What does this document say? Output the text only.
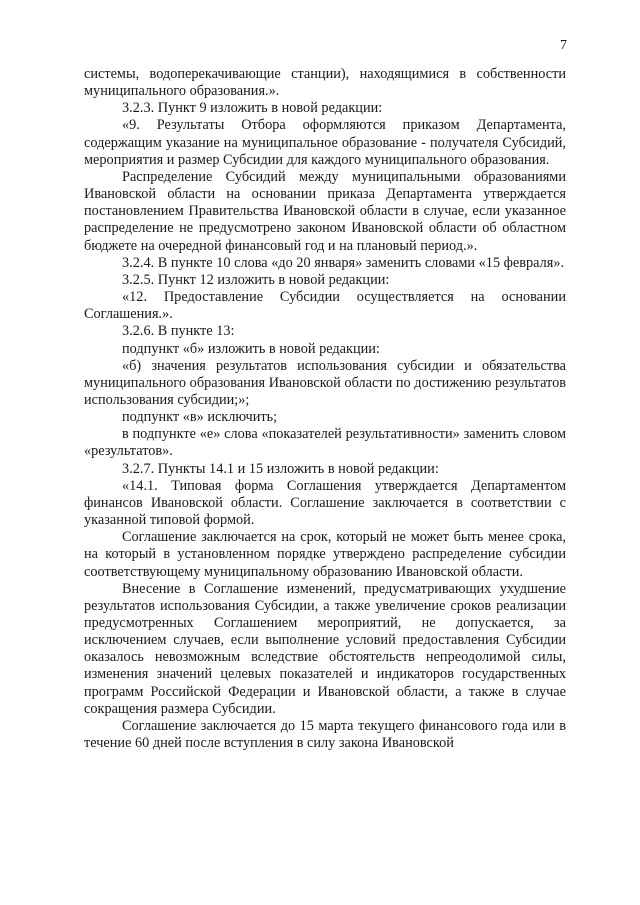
7

системы, водоперекачивающие станции), находящимися в собственности муниципального образования.».

3.2.3. Пункт 9 изложить в новой редакции:

«9. Результаты Отбора оформляются приказом Департамента, содержащим указание на муниципальное образование - получателя Субсидий, мероприятия и размер Субсидии для каждого муниципального образования.

Распределение Субсидий между муниципальными образованиями Ивановской области на основании приказа Департамента утверждается постановлением Правительства Ивановской области в случае, если указанное распределение не предусмотрено законом Ивановской области об областном бюджете на очередной финансовый год и на плановый период.».

3.2.4. В пункте 10 слова «до 20 января» заменить словами «15 февраля».

3.2.5. Пункт 12 изложить в новой редакции:

«12. Предоставление Субсидии осуществляется на основании Соглашения.».

3.2.6. В пункте 13:

подпункт «б» изложить в новой редакции:

«б) значения результатов использования субсидии и обязательства муниципального образования Ивановской области по достижению результатов использования субсидии;»;

подпункт «в» исключить;

в подпункте «е» слова «показателей результативности» заменить словом «результатов».

3.2.7. Пункты 14.1 и 15 изложить в новой редакции:

«14.1. Типовая форма Соглашения утверждается Департаментом финансов Ивановской области. Соглашение заключается в соответствии с указанной типовой формой.

Соглашение заключается на срок, который не может быть менее срока, на который в установленном порядке утверждено распределение субсидии соответствующему муниципальному образованию Ивановской области.

Внесение в Соглашение изменений, предусматривающих ухудшение результатов использования Субсидии, а также увеличение сроков реализации предусмотренных Соглашением мероприятий, не допускается, за исключением случаев, если выполнение условий предоставления Субсидии оказалось невозможным вследствие обстоятельств непреодолимой силы, изменения значений целевых показателей и индикаторов государственных программ Российской Федерации и Ивановской области, а также в случае сокращения размера Субсидии.

Соглашение заключается до 15 марта текущего финансового года или в течение 60 дней после вступления в силу закона Ивановской
